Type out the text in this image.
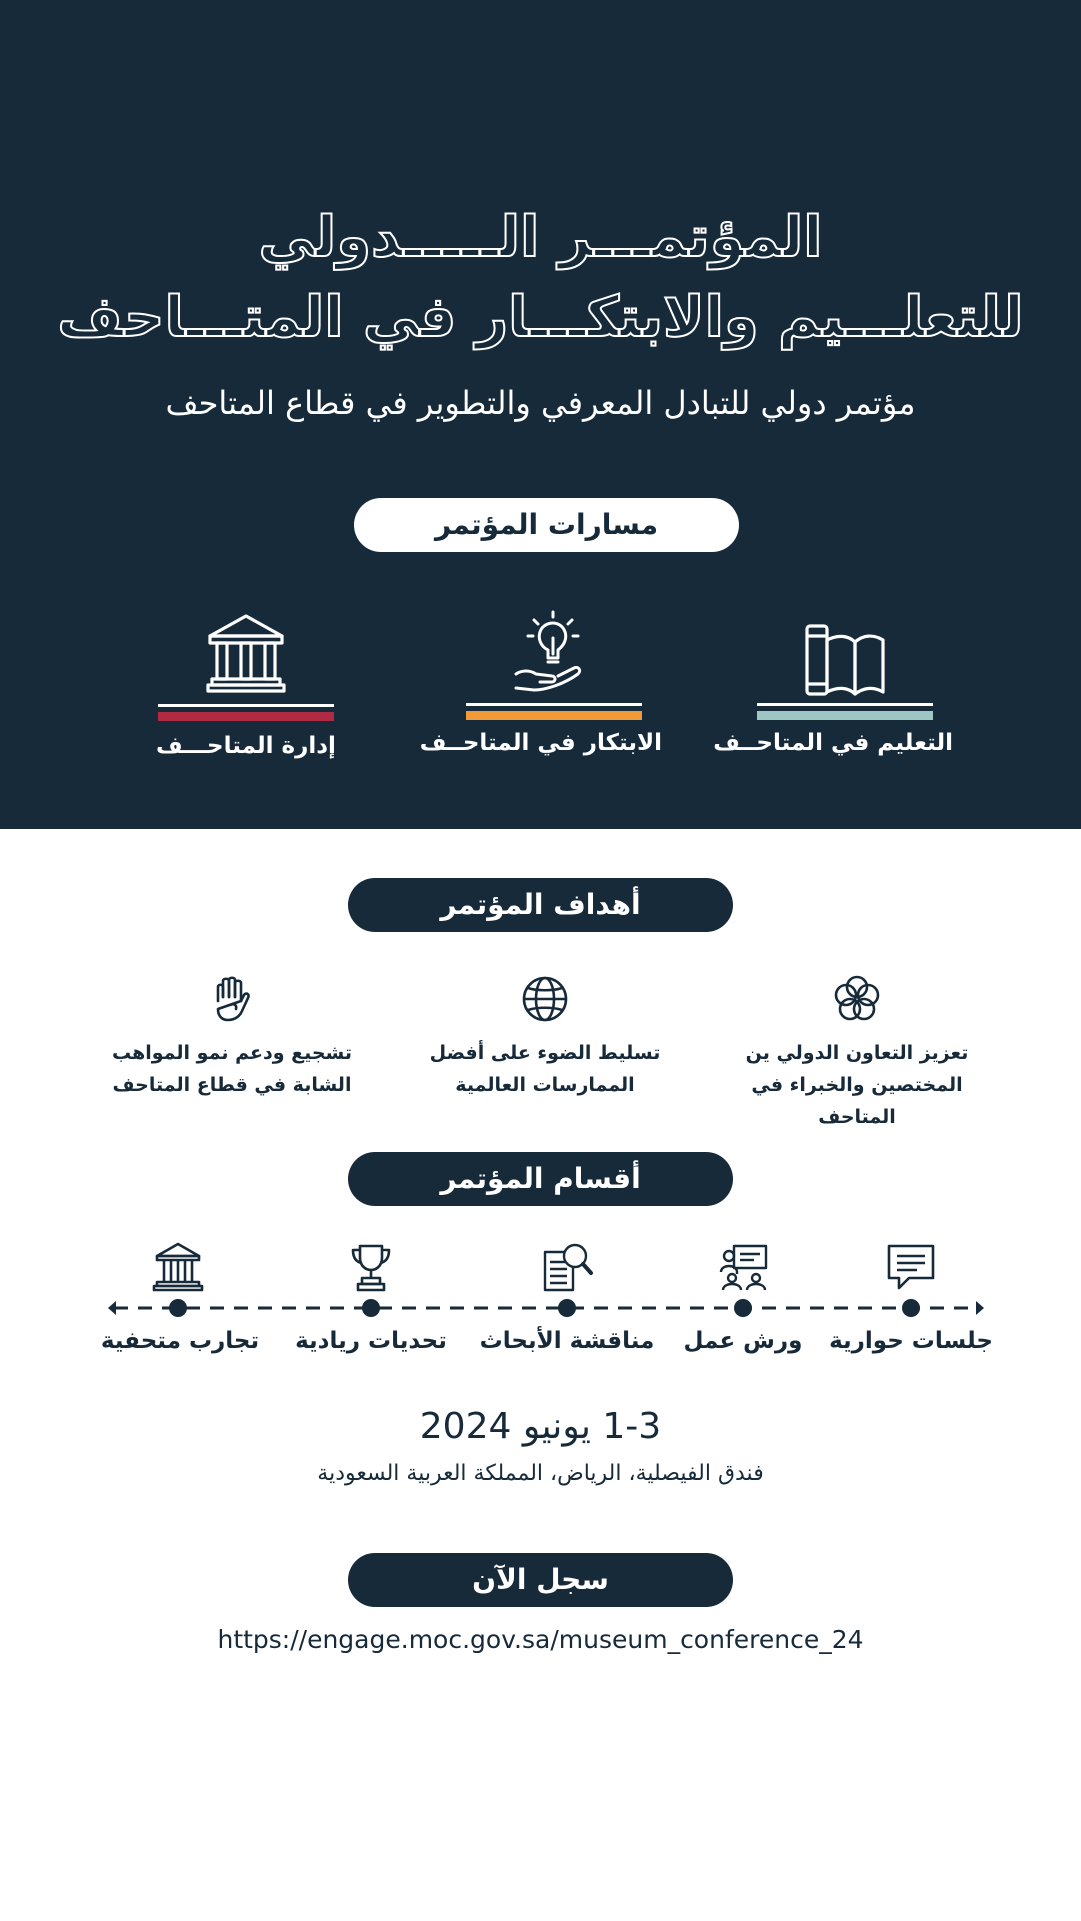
المؤتمـــر الـــــدولي
للتعلـــيم والابتكـــار في المتـــاحف
مؤتمر دولي للتبادل المعرفي والتطوير في قطاع المتاحف
مسارات المؤتمر
التعليم في المتاحــف
الابتكار في المتاحــف
إدارة المتاحـــف
أهداف المؤتمر
تعزيز التعاون الدولي ين
المختصين والخبراء في المتاحف
تسليط الضوء على أفضل
الممارسات العالمية
تشجيع ودعم نمو المواهب
الشابة في قطاع المتاحف
أقسام المؤتمر
جلسات حوارية
ورش عمل
مناقشة الأبحاث
تحديات ريادية
تجارب متحفية
1-3 يونيو 2024
فندق الفيصلية، الرياض، المملكة العربية السعودية
سجل الآن
https://engage.moc.gov.sa/museum_conference_24
